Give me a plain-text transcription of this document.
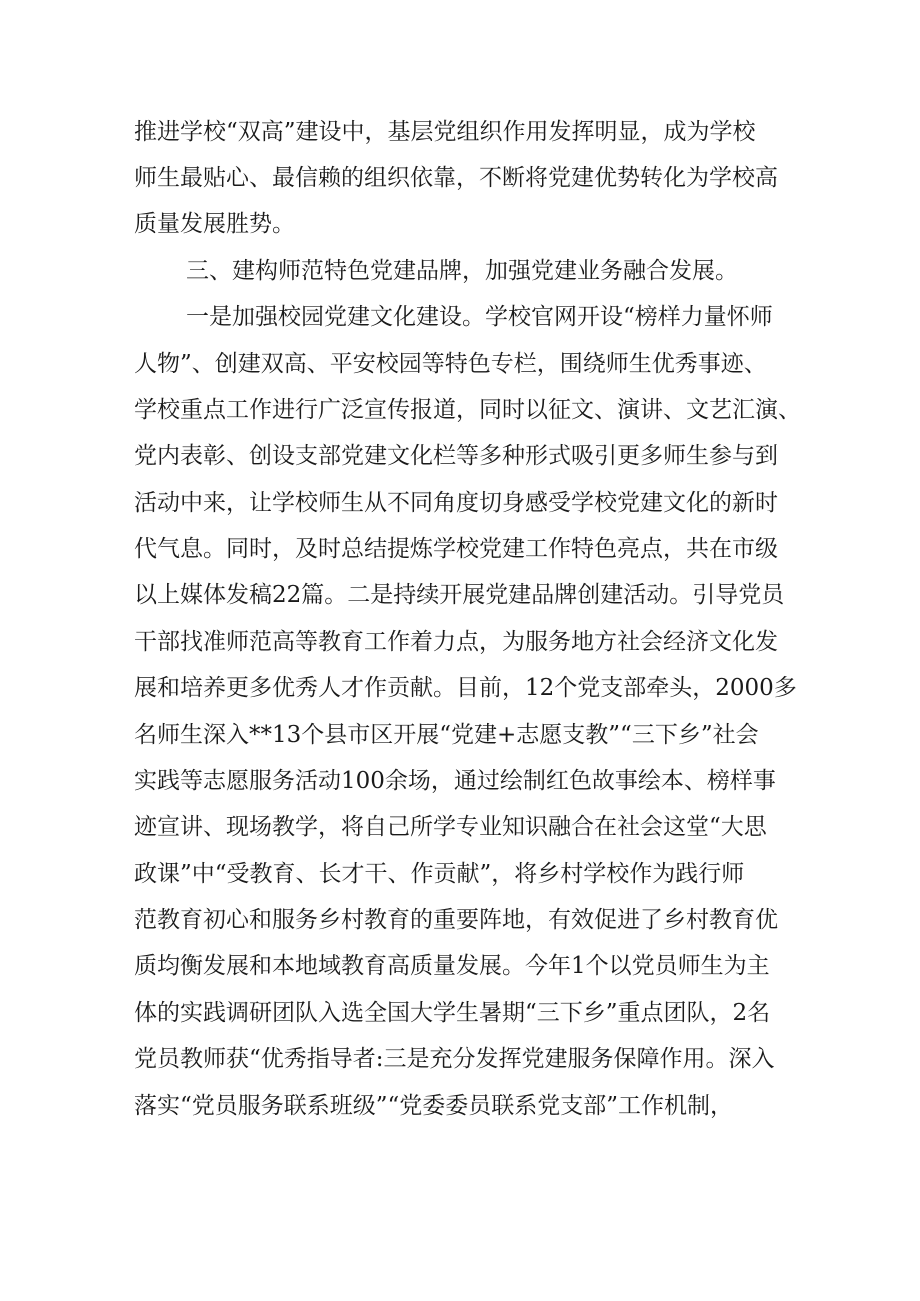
推进学校“双高”建设中，基层党组织作用发挥明显，成为学校

师生最贴心、最信赖的组织依靠，不断将党建优势转化为学校高

质量发展胜势。

三、建构师范特色党建品牌，加强党建业务融合发展。

一是加强校园党建文化建设。学校官网开设“榜样力量怀师

人物”、创建双高、平安校园等特色专栏，围绕师生优秀事迹、

学校重点工作进行广泛宣传报道，同时以征文、演讲、文艺汇演、

党内表彰、创设支部党建文化栏等多种形式吸引更多师生参与到

活动中来，让学校师生从不同角度切身感受学校党建文化的新时

代气息。同时，及时总结提炼学校党建工作特色亮点，共在市级

以上媒体发稿22篇。二是持续开展党建品牌创建活动。引导党员

干部找准师范高等教育工作着力点，为服务地方社会经济文化发

展和培养更多优秀人才作贡献。目前，12个党支部牵头，2000多

名师生深入**13个县市区开展“党建+志愿支教”“三下乡”社会

实践等志愿服务活动100余场，通过绘制红色故事绘本、榜样事

迹宣讲、现场教学，将自己所学专业知识融合在社会这堂“大思

政课”中“受教育、长才干、作贡献”，将乡村学校作为践行师

范教育初心和服务乡村教育的重要阵地，有效促进了乡村教育优

质均衡发展和本地域教育高质量发展。今年1个以党员师生为主

体的实践调研团队入选全国大学生暑期“三下乡”重点团队，2名

党员教师获“优秀指导者:三是充分发挥党建服务保障作用。深入

落实“党员服务联系班级”“党委委员联系党支部”工作机制，
